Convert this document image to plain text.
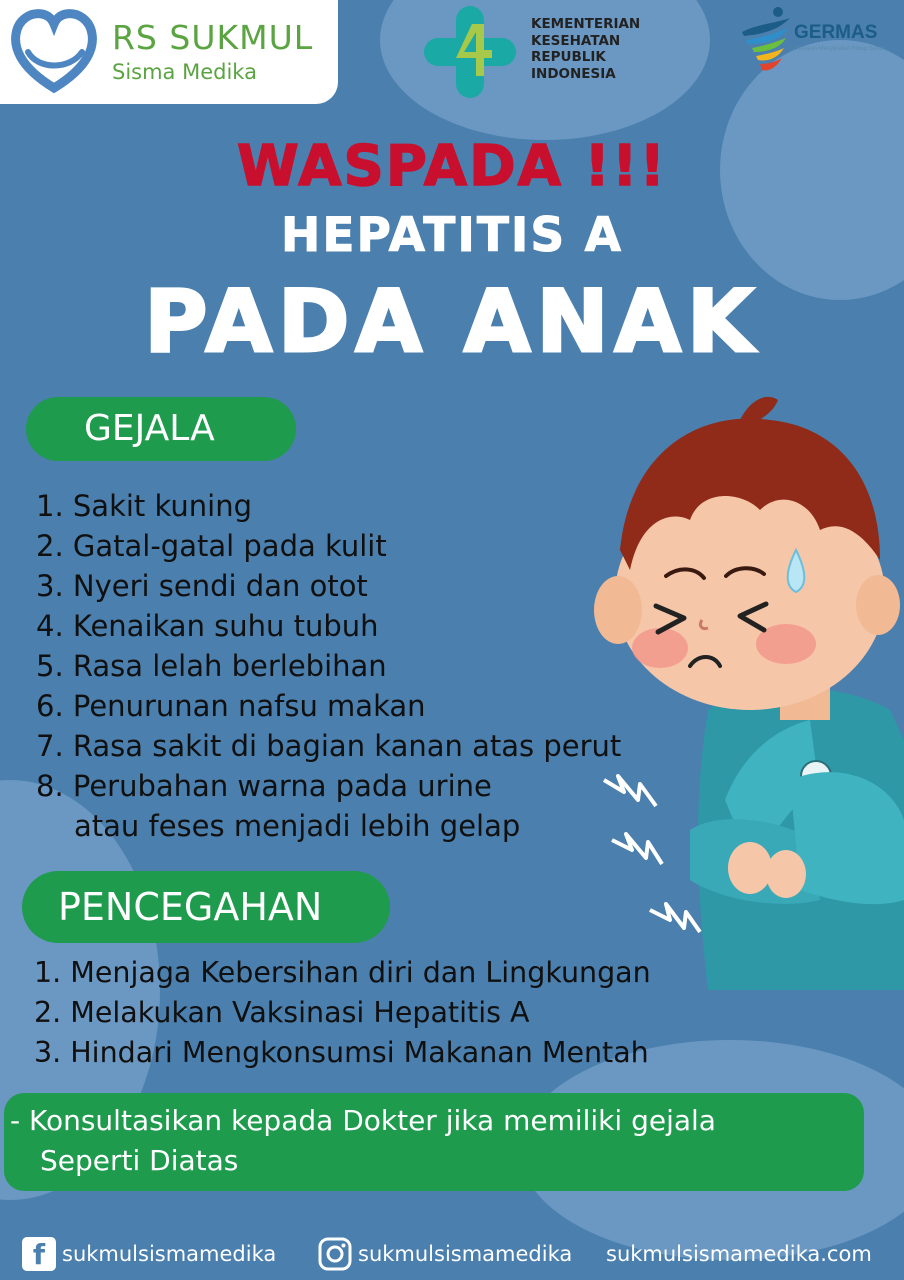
RS SUKMUL
Sisma Medika
KEMENTERIAN
KESEHATAN
REPUBLIK
INDONESIA
GERMAS
Gerakan Masyarakat Hidup Sehat
WASPADA !!!
HEPATITIS A
PADA ANAK
GEJALA
1. Sakit kuning
2. Gatal-gatal pada kulit
3. Nyeri sendi dan otot
4. Kenaikan suhu tubuh
5. Rasa lelah berlebihan
6. Penurunan nafsu makan
7. Rasa sakit di bagian kanan atas perut
8. Perubahan warna pada urine
atau feses menjadi lebih gelap
PENCEGAHAN
1. Menjaga Kebersihan diri dan Lingkungan
2. Melakukan Vaksinasi Hepatitis A
3. Hindari Mengkonsumsi Makanan Mentah
- Konsultasikan kepada Dokter jika memiliki gejala
Seperti Diatas
f sukmulsismamedika	sukmulsismamedika sukmulsismamedika.com
